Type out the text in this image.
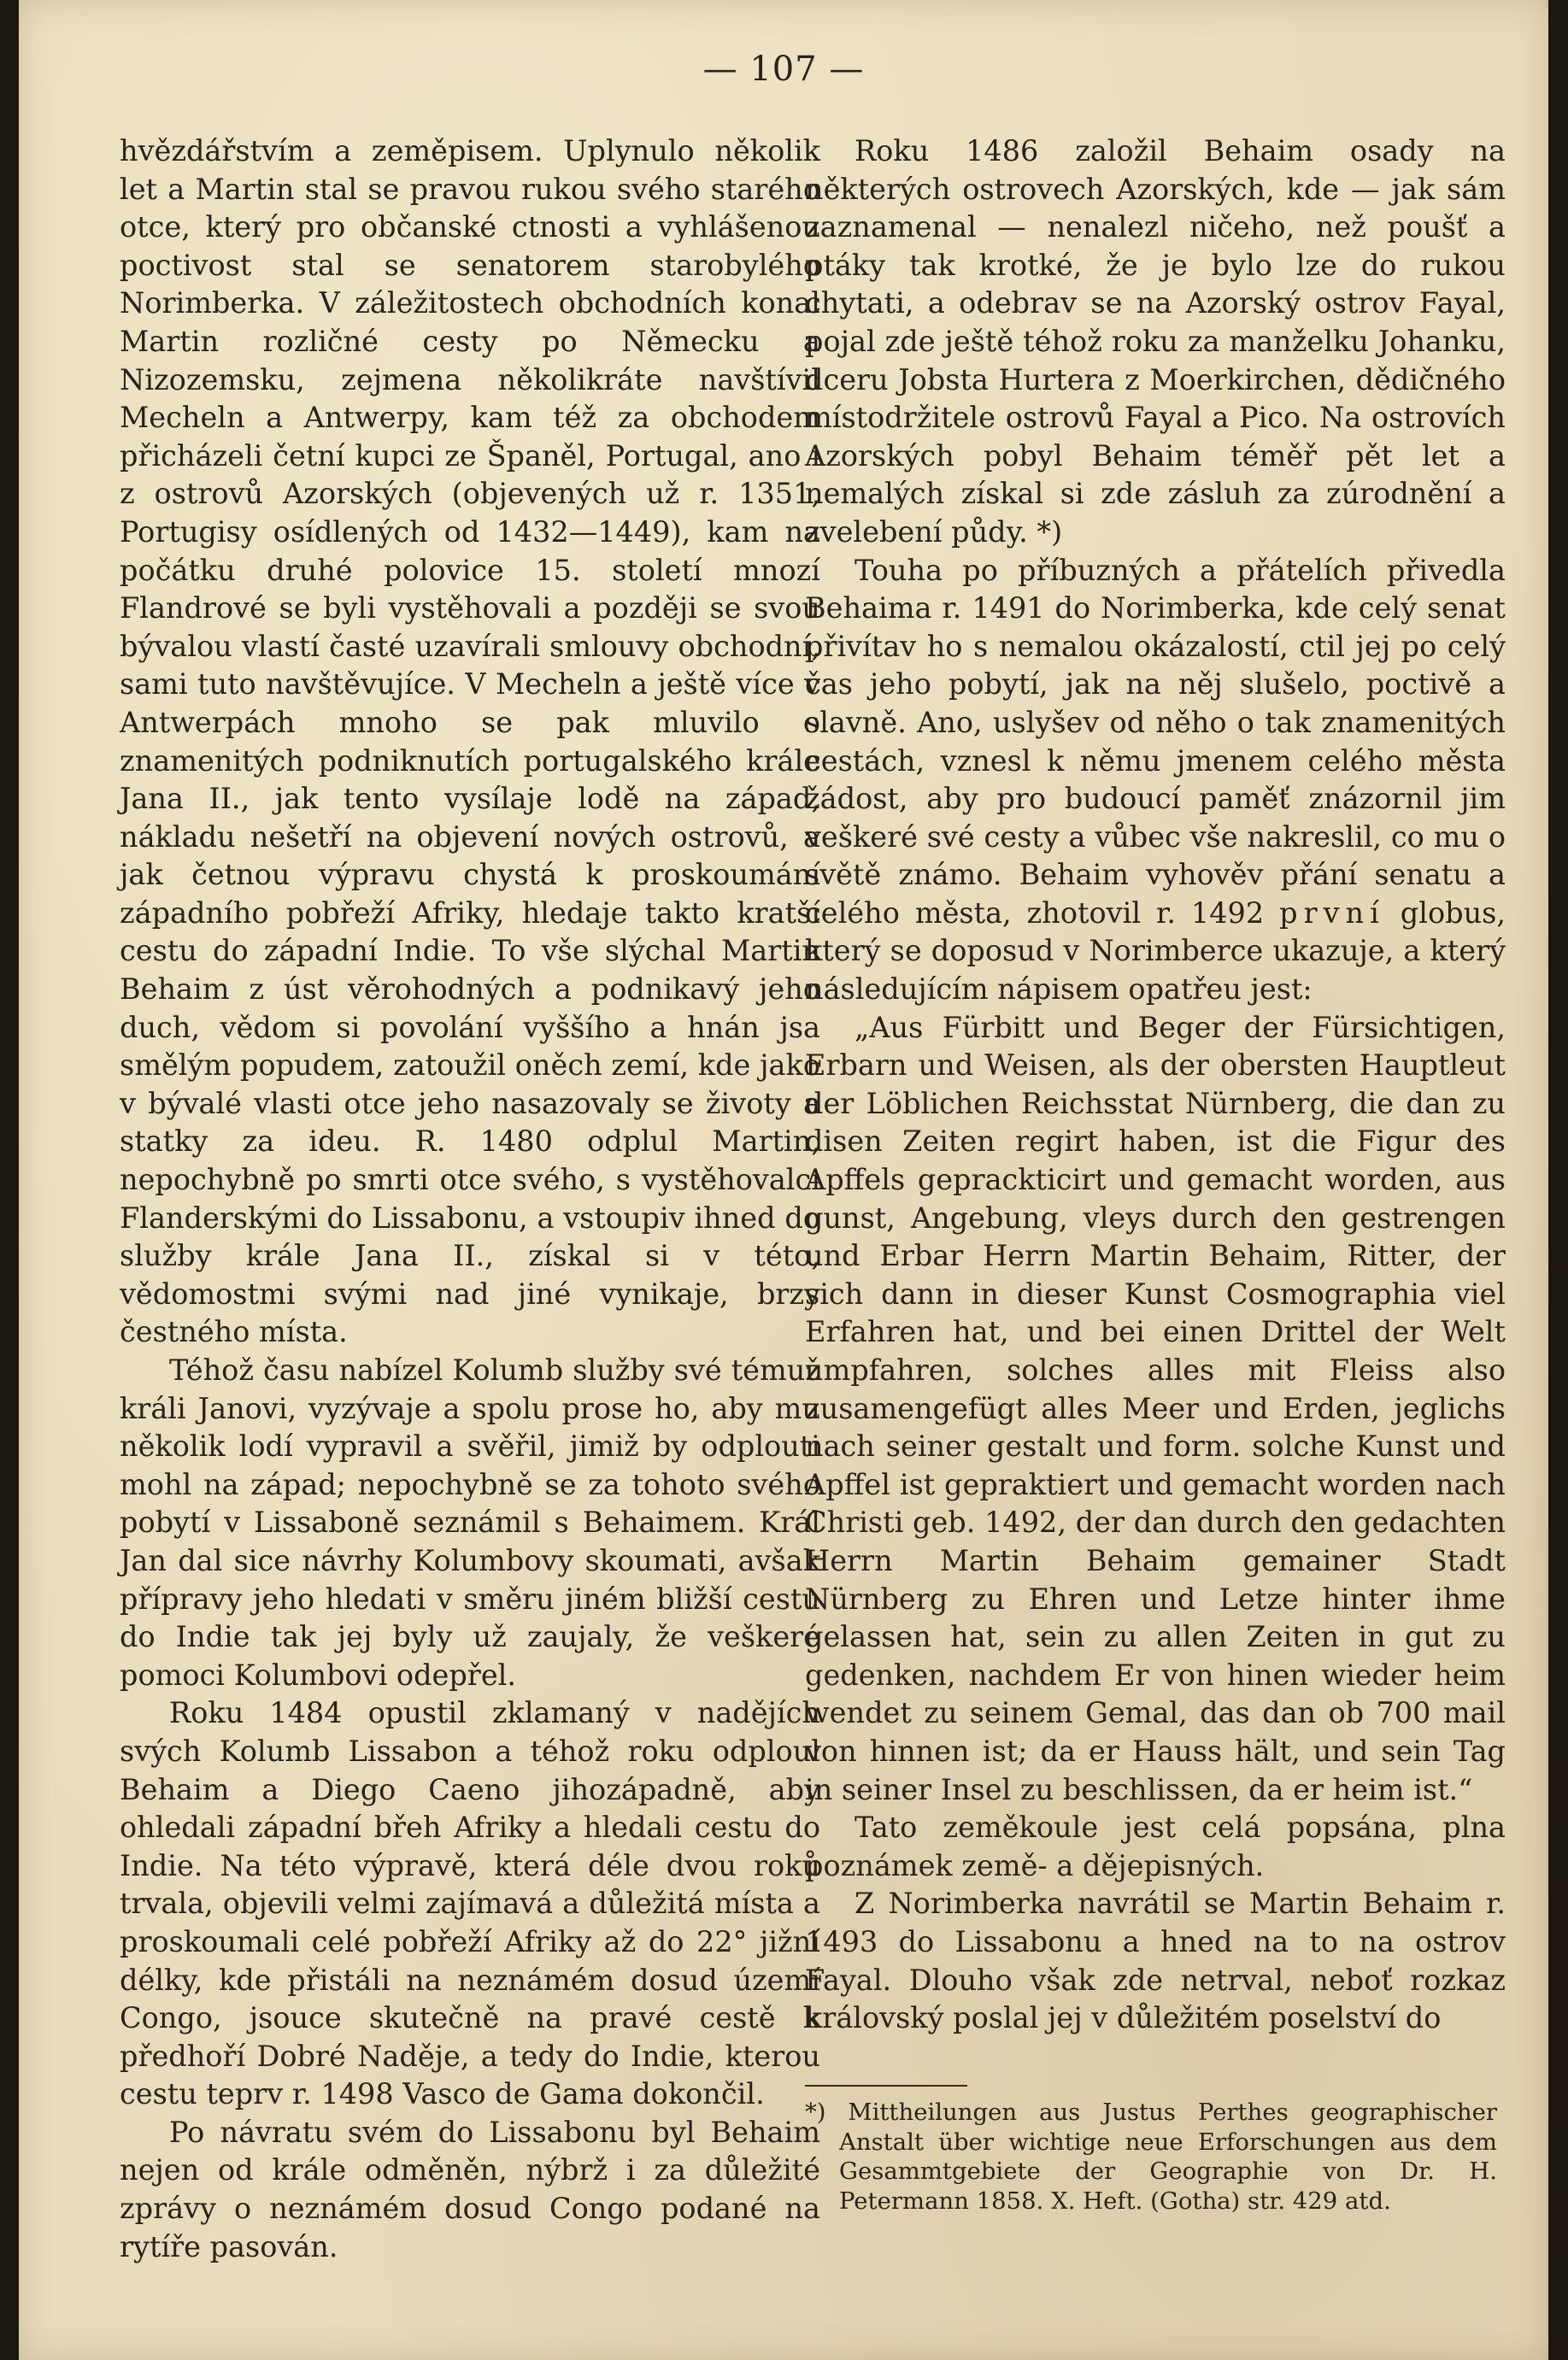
— 107 —

hvězdářstvím a zeměpisem. Uplynulo několik let a Martin stal se pravou rukou svého starého otce, který pro občanské ctnosti a vyhlášenou poctivost stal se senatorem starobylého Norimberka. V záležitostech obchodních konal Martin rozličné cesty po Německu a Nizozemsku, zejmena několikráte navštívil Mecheln a Antwerpy, kam též za obchodem přicházeli četní kupci ze Španěl, Portugal, ano i z ostrovů Azorských (objevených už r. 1351, Portugisy osídlených od 1432—1449), kam na počátku druhé polovice 15. století mnozí Flandrové se byli vystěhovali a později se svou bývalou vlastí časté uzavírali smlouvy obchodní, sami tuto navštěvujíce. V Mecheln a ještě více v Antwerpách mnoho se pak mluvilo o znamenitých podniknutích portugalského krále Jana II., jak tento vysílaje lodě na západ, nákladu nešetří na objevení nových ostrovů, a jak četnou výpravu chystá k proskoumání západního pobřeží Afriky, hledaje takto kratší cestu do západní Indie. To vše slýchal Martin Behaim z úst věrohodných a podnikavý jeho duch, vědom si povolání vyššího a hnán jsa smělým popudem, zatoužil oněch zemí, kde jako v bývalé vlasti otce jeho nasazovaly se životy a statky za ideu. R. 1480 odplul Martin, nepochybně po smrti otce svého, s vystěhovalci Flanderskými do Lissabonu, a vstoupiv ihned do služby krále Jana II., získal si v této, vědomostmi svými nad jiné vynikaje, brzy čestného místa.

Téhož času nabízel Kolumb služby své témuž králi Janovi, vyzývaje a spolu prose ho, aby mu několik lodí vypravil a svěřil, jimiž by odplouti mohl na západ; nepochybně se za tohoto svého pobytí v Lissaboně seznámil s Behaimem. Král Jan dal sice návrhy Kolumbovy skoumati, avšak přípravy jeho hledati v směru jiném bližší cestu do Indie tak jej byly už zaujaly, že veškeré pomoci Kolumbovi odepřel.

Roku 1484 opustil zklamaný v nadějích svých Kolumb Lissabon a téhož roku odploul Behaim a Diego Caeno jihozápadně, aby ohledali západní břeh Afriky a hledali cestu do Indie. Na této výpravě, která déle dvou roků trvala, objevili velmi zajímavá a důležitá místa a proskoumali celé pobřeží Afriky až do 22° jižní délky, kde přistáli na neznámém dosud území Congo, jsouce skutečně na pravé cestě k předhoří Dobré Naděje, a tedy do Indie, kterou cestu teprv r. 1498 Vasco de Gama dokončil.

Po návratu svém do Lissabonu byl Behaim nejen od krále odměněn, nýbrž i za důležité zprávy o neznámém dosud Congo podané na rytíře pasován.

Roku 1486 založil Behaim osady na některých ostrovech Azorských, kde — jak sám zaznamenal — nenalezl ničeho, než poušť a ptáky tak krotké, že je bylo lze do rukou chytati, a odebrav se na Azorský ostrov Fayal, pojal zde ještě téhož roku za manželku Johanku, dceru Jobsta Hurtera z Moerkirchen, dědičného místodržitele ostrovů Fayal a Pico. Na ostrovích Azorských pobyl Behaim téměř pět let a nemalých získal si zde zásluh za zúrodnění a zvelebení půdy. *)

Touha po příbuzných a přátelích přivedla Behaima r. 1491 do Norimberka, kde celý senat přivítav ho s nemalou okázalostí, ctil jej po celý čas jeho pobytí, jak na něj slušelo, poctivě a slavně. Ano, uslyšev od něho o tak znamenitých cestách, vznesl k němu jmenem celého města žádost, aby pro budoucí paměť znázornil jim veškeré své cesty a vůbec vše nakreslil, co mu o světě známo. Behaim vyhověv přání senatu a celého města, zhotovil r. 1492 první globus, který se doposud v Norimberce ukazuje, a který následujícím nápisem opatřeu jest:

„Aus Fürbitt und Beger der Fürsichtigen, Erbarn und Weisen, als der obersten Hauptleut der Löblichen Reichsstat Nürnberg, die dan zu disen Zeiten regirt haben, ist die Figur des Apffels geprackticirt und gemacht worden, aus gunst, Angebung, vleys durch den gestrengen und Erbar Herrn Martin Behaim, Ritter, der sich dann in dieser Kunst Cosmographia viel Erfahren hat, und bei einen Drittel der Welt umpfahren, solches alles mit Fleiss also zusamengefügt alles Meer und Erden, jeglichs nach seiner gestalt und form. solche Kunst und Apffel ist gepraktiert und gemacht worden nach Christi geb. 1492, der dan durch den gedachten Herrn Martin Behaim gemainer Stadt Nürnberg zu Ehren und Letze hinter ihme gelassen hat, sein zu allen Zeiten in gut zu gedenken, nachdem Er von hinen wieder heim wendet zu seinem Gemal, das dan ob 700 mail von hinnen ist; da er Hauss hält, und sein Tag in seiner Insel zu beschlissen, da er heim ist.“

Tato zeměkoule jest celá popsána, plna poznámek země- a dějepisných.

Z Norimberka navrátil se Martin Behaim r. 1493 do Lissabonu a hned na to na ostrov Fayal. Dlouho však zde netrval, neboť rozkaz královský poslal jej v důležitém poselství do

*) Mittheilungen aus Justus Perthes geographischer Anstalt über wichtige neue Erforschungen aus dem Gesammtgebiete der Geographie von Dr. H. Petermann 1858. X. Heft. (Gotha) str. 429 atd.
